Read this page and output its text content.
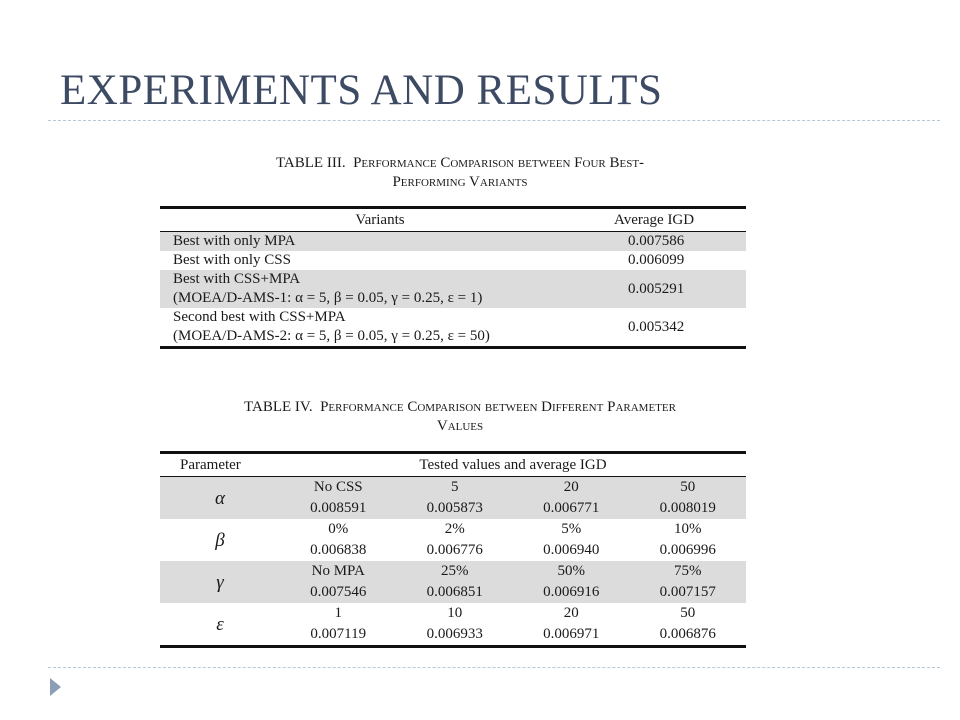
EXPERIMENTS AND RESULTS
TABLE III. Performance Comparison between Four Best-
Performing Variants
Variants	Average IGD

Best with only MPA	0.007586

Best with only CSS	0.006099

Best with CSS+MPA
(MOEA/D-AMS-1: α = 5, β = 0.05, γ = 0.25, ε = 1)	0.005291

Second best with CSS+MPA
(MOEA/D-AMS-2: α = 5, β = 0.05, γ = 0.25, ε = 50)	0.005342
TABLE IV. Performance Comparison between Different Parameter
Values
Parameter	Tested values and average IGD			
α	No CSS	5	20	50
	0.008591	0.005873	0.006771	0.008019
β	0%	2%	5%	10%
	0.006838	0.006776	0.006940	0.006996
γ	No MPA	25%	50%	75%
	0.007546	0.006851	0.006916	0.007157
ε	1	10	20	50
	0.007119	0.006933	0.006971	0.006876
